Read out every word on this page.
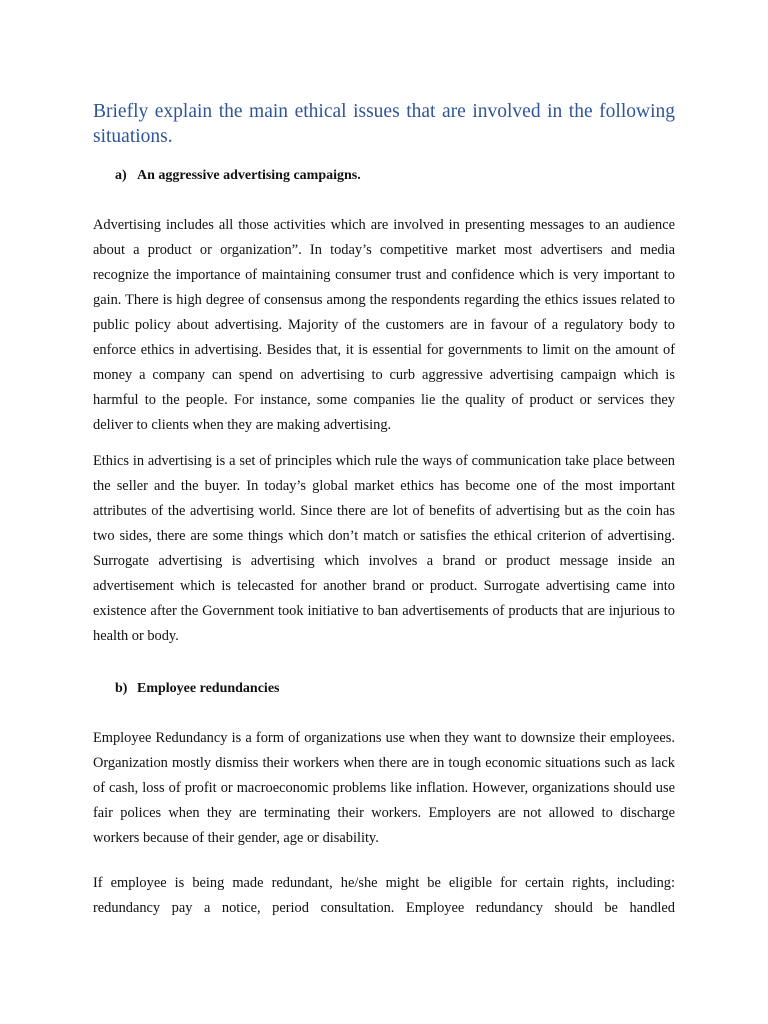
Briefly explain the main ethical issues that are involved in the following situations.
a) An aggressive advertising campaigns.

Advertising includes all those activities which are involved in presenting messages to an audience about a product or organization”. In today’s competitive market most advertisers and media recognize the importance of maintaining consumer trust and confidence which is very important to gain. There is high degree of consensus among the respondents regarding the ethics issues related to public policy about advertising. Majority of the customers are in favour of a regulatory body to enforce ethics in advertising. Besides that, it is essential for governments to limit on the amount of money a company can spend on advertising to curb aggressive advertising campaign which is harmful to the people. For instance, some companies lie the quality of product or services they deliver to clients when they are making advertising.

Ethics in advertising is a set of principles which rule the ways of communication take place between the seller and the buyer. In today’s global market ethics has become one of the most important attributes of the advertising world. Since there are lot of benefits of advertising but as the coin has two sides, there are some things which don’t match or satisfies the ethical criterion of advertising. Surrogate advertising is advertising which involves a brand or product message inside an advertisement which is telecasted for another brand or product. Surrogate advertising came into existence after the Government took initiative to ban advertisements of products that are injurious to health or body.

b) Employee redundancies

Employee Redundancy is a form of organizations use when they want to downsize their employees. Organization mostly dismiss their workers when there are in tough economic situations such as lack of cash, loss of profit or macroeconomic problems like inflation. However, organizations should use fair polices when they are terminating their workers. Employers are not allowed to discharge workers because of their gender, age or disability.

If employee is being made redundant, he/she might be eligible for certain rights, including: redundancy pay a notice, period consultation. Employee redundancy should be handled
